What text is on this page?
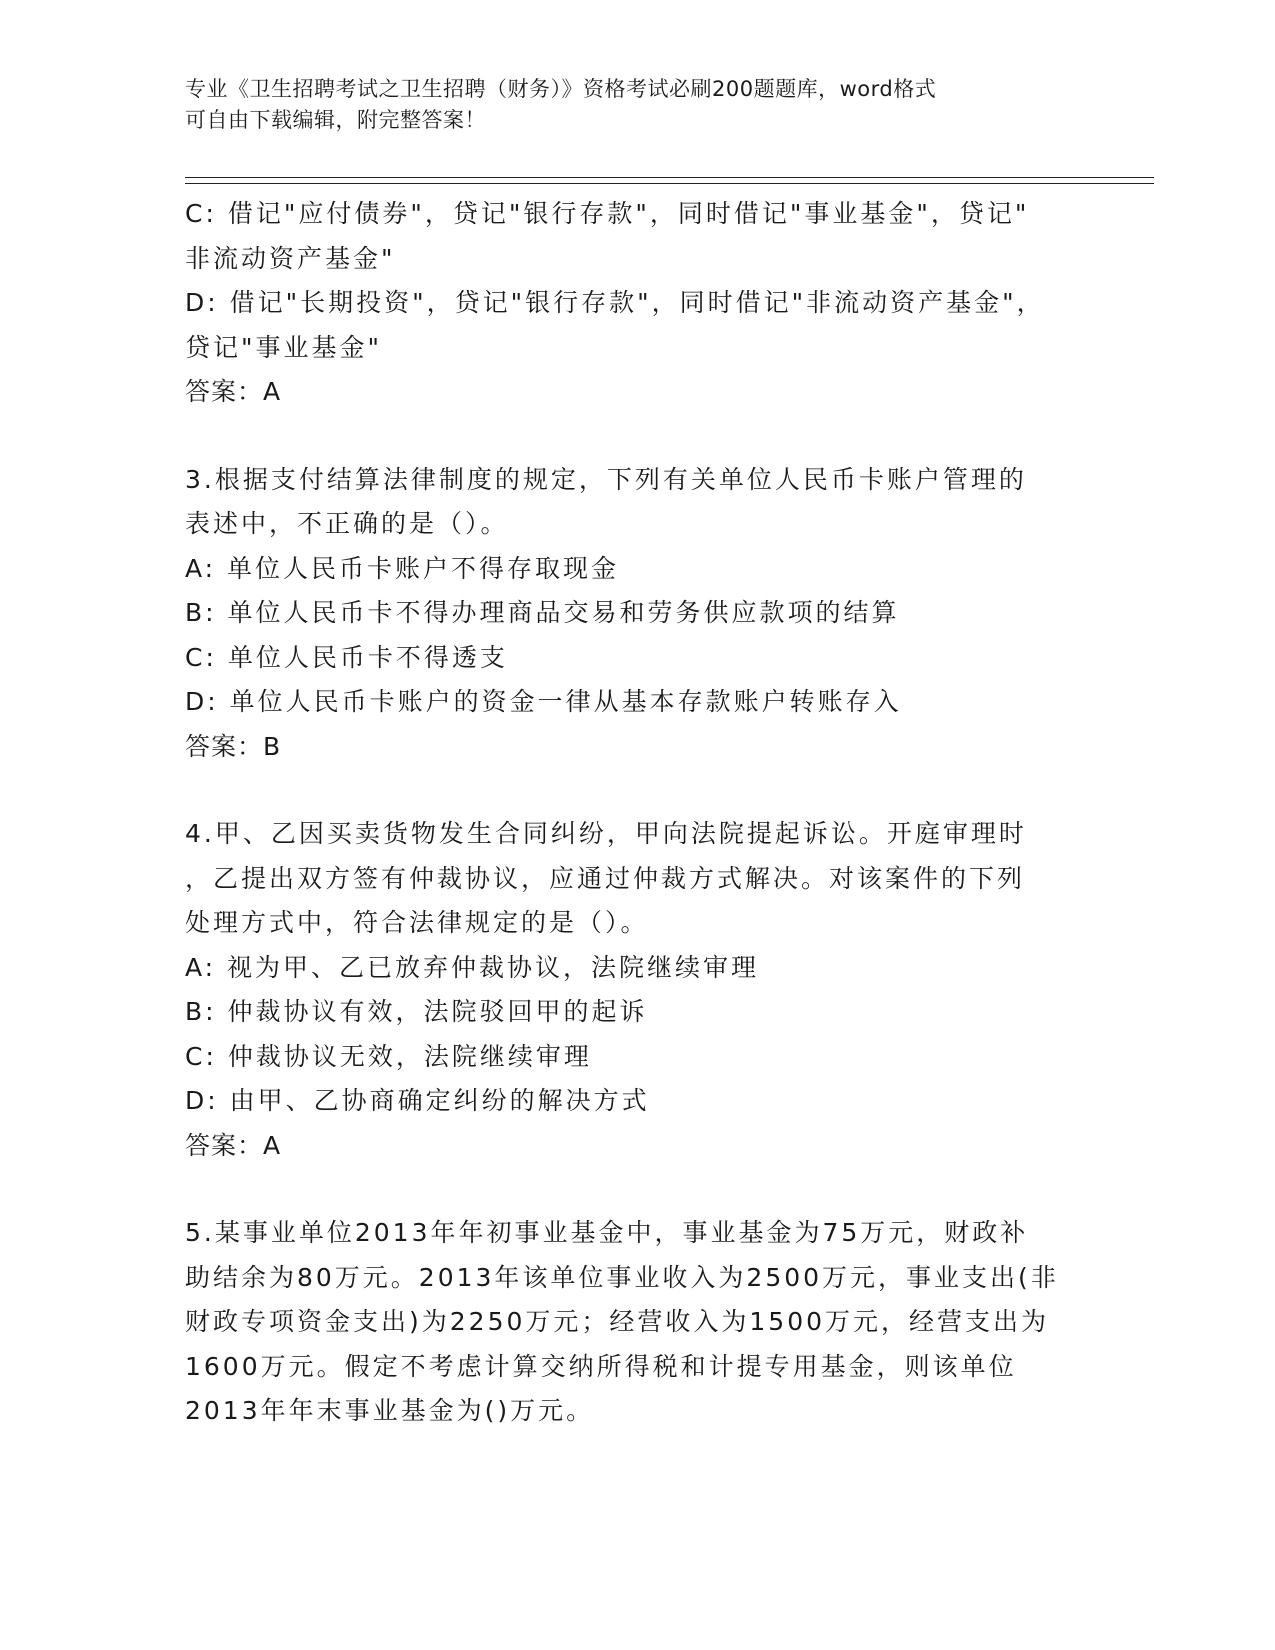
专业《卫生招聘考试之卫生招聘（财务）》资格考试必刷200题题库，word格式
可自由下载编辑，附完整答案！
C: 借记"应付债券"，贷记"银行存款"，同时借记"事业基金"，贷记"
非流动资产基金"
D: 借记"长期投资"，贷记"银行存款"，同时借记"非流动资产基金"，
贷记"事业基金"
答案：A
3.根据支付结算法律制度的规定，下列有关单位人民币卡账户管理的
表述中，不正确的是（）。
A: 单位人民币卡账户不得存取现金
B: 单位人民币卡不得办理商品交易和劳务供应款项的结算
C: 单位人民币卡不得透支
D: 单位人民币卡账户的资金一律从基本存款账户转账存入
答案：B
4.甲、乙因买卖货物发生合同纠纷，甲向法院提起诉讼。开庭审理时
，乙提出双方签有仲裁协议，应通过仲裁方式解决。对该案件的下列
处理方式中，符合法律规定的是（）。
A: 视为甲、乙已放弃仲裁协议，法院继续审理
B: 仲裁协议有效，法院驳回甲的起诉
C: 仲裁协议无效，法院继续审理
D: 由甲、乙协商确定纠纷的解决方式
答案：A
5.某事业单位2013年年初事业基金中，事业基金为75万元，财政补
助结余为80万元。2013年该单位事业收入为2500万元，事业支出(非
财政专项资金支出)为2250万元；经营收入为1500万元，经营支出为
1600万元。假定不考虑计算交纳所得税和计提专用基金，则该单位
2013年年末事业基金为()万元。
